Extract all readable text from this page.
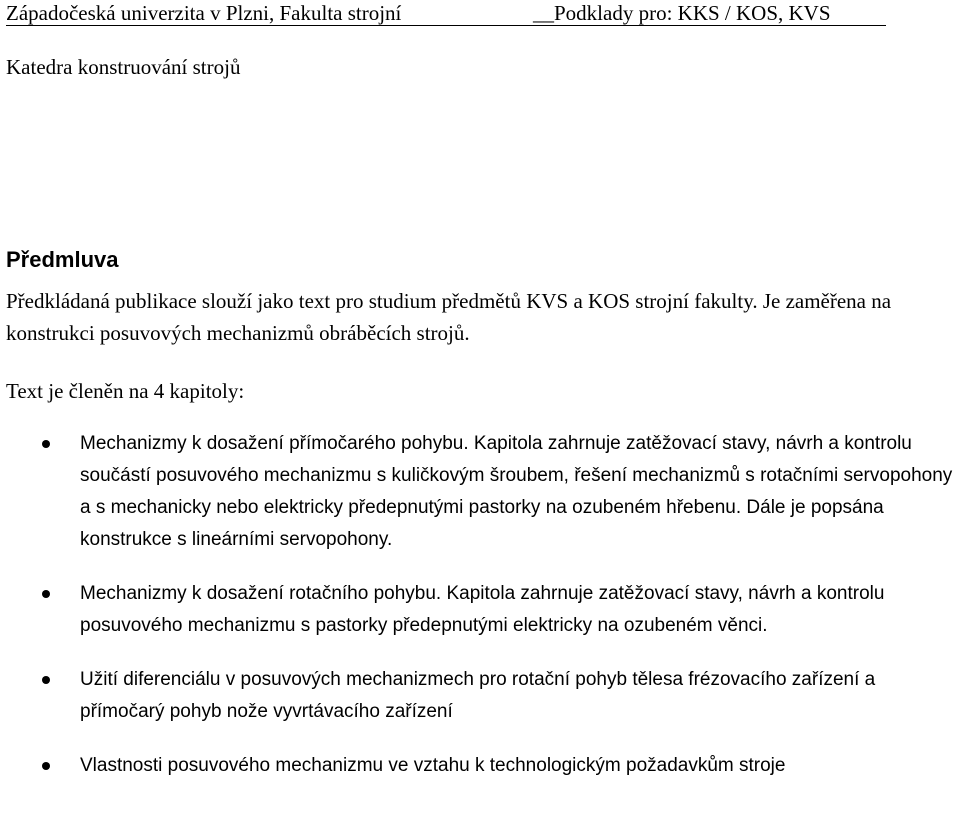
Západočeská univerzita v Plzni, Fakulta strojní	__Podklady pro: KKS / KOS, KVS
Katedra konstruování strojů
Předmluva

Předkládaná publikace slouží jako text pro studium předmětů KVS a KOS strojní fakulty. Je zaměřena na konstrukci posuvových mechanizmů obráběcích strojů.

Text je členěn na 4 kapitoly:
Mechanizmy k dosažení přímočarého pohybu. Kapitola zahrnuje zatěžovací stavy, návrh a kontrolu součástí posuvového mechanizmu s kuličkovým šroubem, řešení mechanizmů s rotačními servopohony a s mechanicky nebo elektricky předepnutými pastorky na ozubeném hřebenu. Dále je popsána konstrukce s lineárními servopohony.
Mechanizmy k dosažení rotačního pohybu. Kapitola zahrnuje zatěžovací stavy, návrh a kontrolu posuvového mechanizmu s pastorky předepnutými elektricky na ozubeném věnci.
Užití diferenciálu v posuvových mechanizmech pro rotační pohyb tělesa frézovacího zařízení a přímočarý pohyb nože vyvrtávacího zařízení
Vlastnosti posuvového mechanizmu ve vztahu k technologickým požadavkům stroje
